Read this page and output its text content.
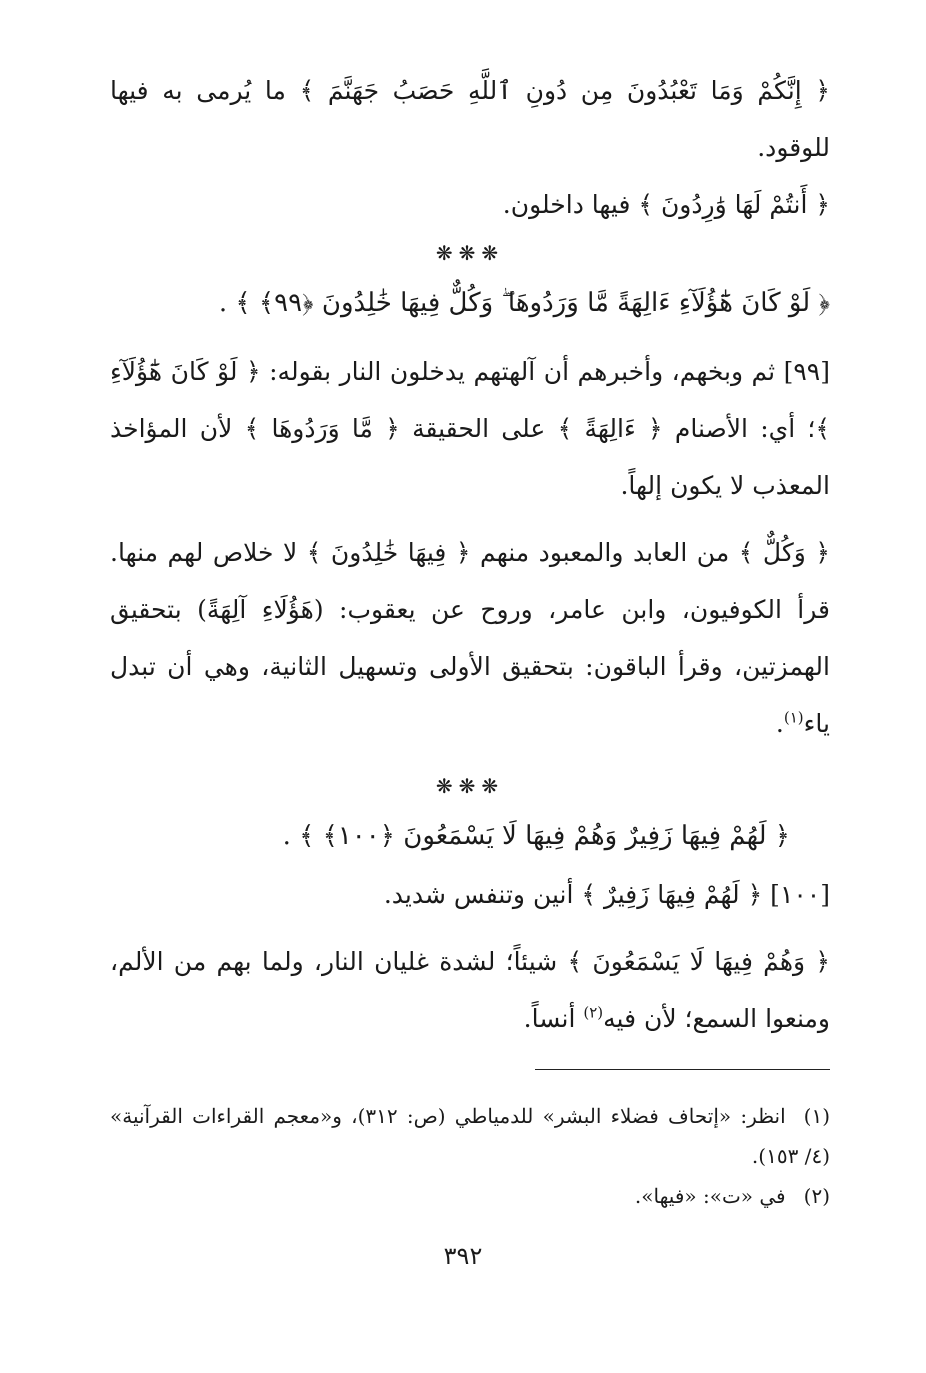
﴿ إِنَّكُمْ وَمَا تَعْبُدُونَ مِن دُونِ ٱللَّهِ حَصَبُ جَهَنَّمَ ﴾ ما يُرمى به فيها للوقود.

﴿ أَنتُمْ لَهَا وَٰرِدُونَ ﴾ فيها داخلون.

❋❋❋

﴿ لَوْ كَانَ هَٰٓؤُلَآءِ ءَالِهَةً مَّا وَرَدُوهَا ۖ وَكُلٌّ فِيهَا خَٰلِدُونَ ﴿٩٩﴾ ﴾ .

[٩٩] ثم وبخهم، وأخبرهم أن آلهتهم يدخلون النار بقوله: ﴿ لَوْ كَانَ هَٰٓؤُلَآءِ ﴾؛ أي: الأصنام ﴿ ءَالِهَةً ﴾ على الحقيقة ﴿ مَّا وَرَدُوهَا ﴾ لأن المؤاخذ المعذب لا يكون إلهاً.

﴿ وَكُلٌّ ﴾ من العابد والمعبود منهم ﴿ فِيهَا خَٰلِدُونَ ﴾ لا خلاص لهم منها. قرأ الكوفيون، وابن عامر، وروح عن يعقوب: (هَؤُلَاءِ آلِهَةً) بتحقيق الهمزتين، وقرأ الباقون: بتحقيق الأولى وتسهيل الثانية، وهي أن تبدل ياء$^{(١)}$.

❋❋❋

﴿ لَهُمْ فِيهَا زَفِيرٌ وَهُمْ فِيهَا لَا يَسْمَعُونَ ﴿١٠٠﴾ ﴾ .

[١٠٠] ﴿ لَهُمْ فِيهَا زَفِيرٌ ﴾ أنين وتنفس شديد.

﴿ وَهُمْ فِيهَا لَا يَسْمَعُونَ ﴾ شيئاً؛ لشدة غليان النار، ولما بهم من الألم، ومنعوا السمع؛ لأن فيه$^{(٢)}$ أنساً.

(١)انظر: «إتحاف فضلاء البشر» للدمياطي (ص: ٣١٢)، و«معجم القراءات القرآنية» (٤/ ١٥٣).

(٢)في «ت»: «فيها».

٣٩٢
